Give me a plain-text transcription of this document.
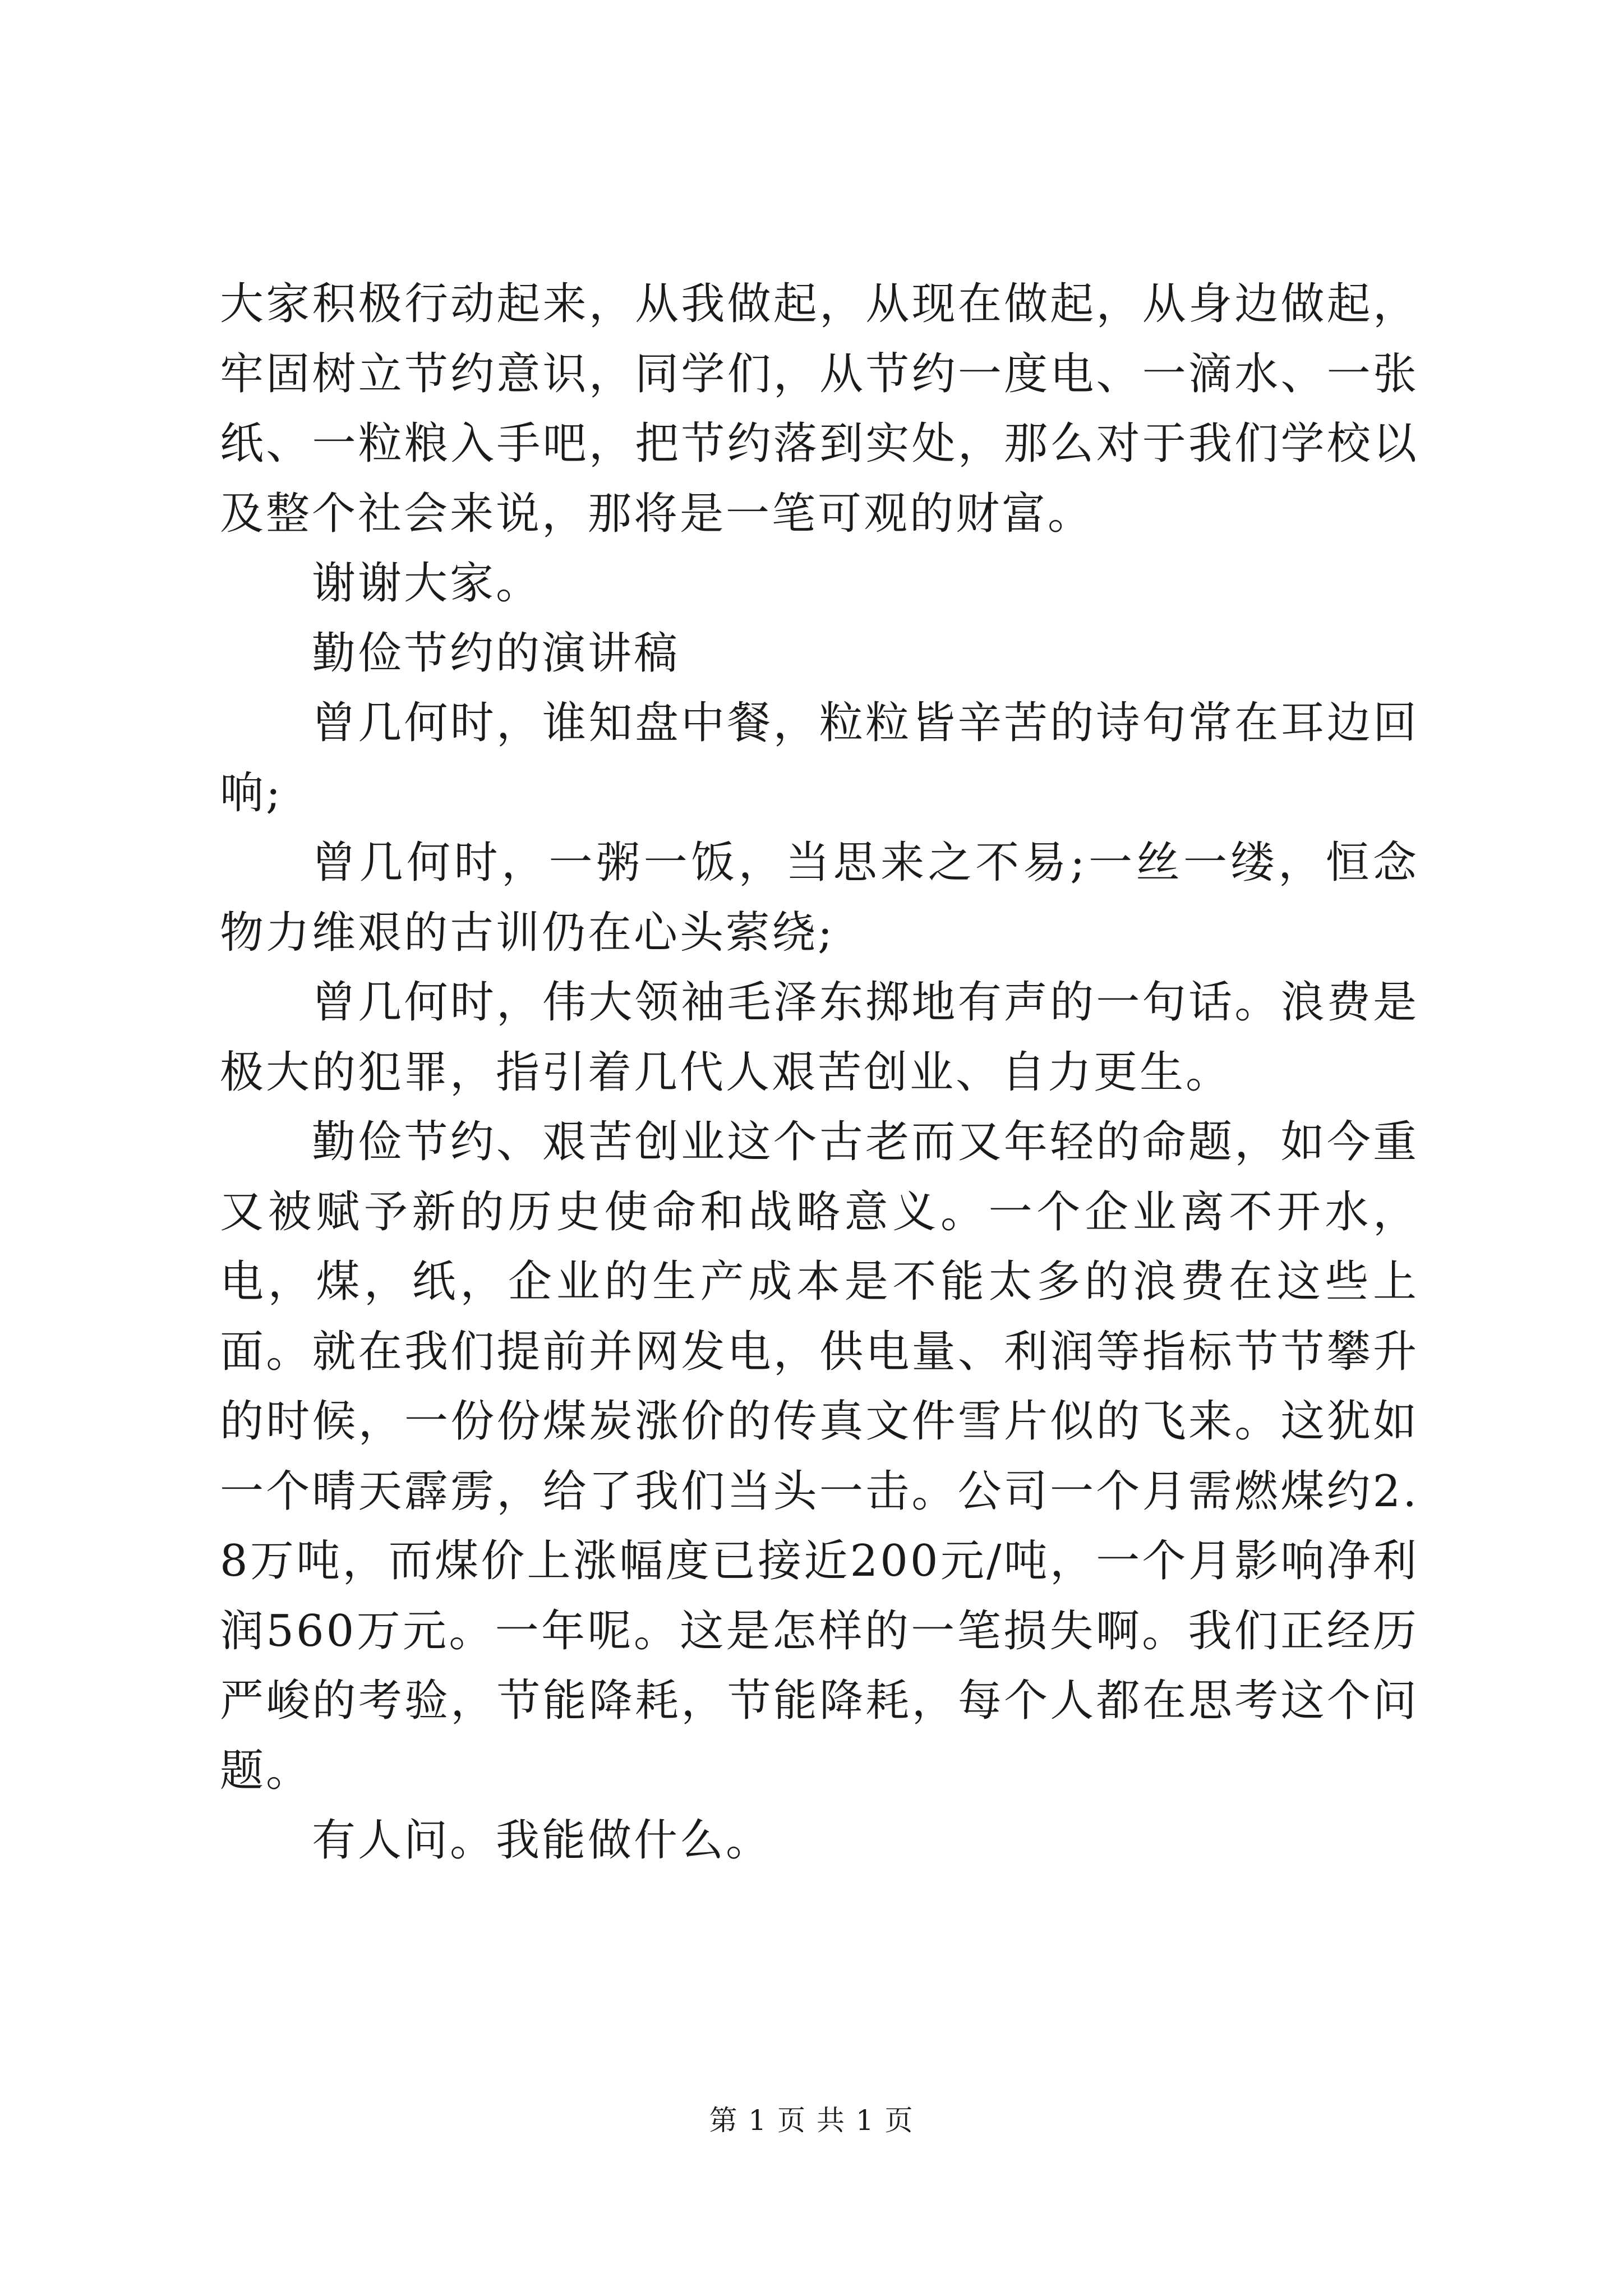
大家积极行动起来，从我做起，从现在做起，从身边做起，牢固树立节约意识，同学们，从节约一度电、一滴水、一张纸、一粒粮入手吧，把节约落到实处，那么对于我们学校以及整个社会来说，那将是一笔可观的财富。

谢谢大家。

勤俭节约的演讲稿

曾几何时，谁知盘中餐，粒粒皆辛苦的诗句常在耳边回响;

曾几何时，一粥一饭，当思来之不易;一丝一缕，恒念物力维艰的古训仍在心头萦绕;

曾几何时，伟大领袖毛泽东掷地有声的一句话。浪费是极大的犯罪，指引着几代人艰苦创业、自力更生。

勤俭节约、艰苦创业这个古老而又年轻的命题，如今重又被赋予新的历史使命和战略意义。一个企业离不开水，电，煤，纸，企业的生产成本是不能太多的浪费在这些上面。就在我们提前并网发电，供电量、利润等指标节节攀升的时候，一份份煤炭涨价的传真文件雪片似的飞来。这犹如一个晴天霹雳，给了我们当头一击。公司一个月需燃煤约2.8万吨，而煤价上涨幅度已接近200元/吨，一个月影响净利润560万元。一年呢。这是怎样的一笔损失啊。我们正经历严峻的考验，节能降耗，节能降耗，每个人都在思考这个问题。

有人问。我能做什么。

第 1 页 共 1 页
